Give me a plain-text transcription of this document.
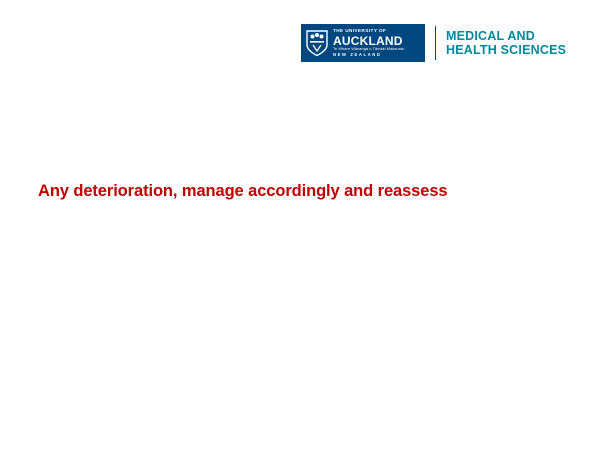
THE UNIVERSITY OF
AUCKLAND
Te Whare Wānanga o Tāmaki Makaurau
NEW ZEALAND
MEDICAL AND
HEALTH SCIENCES
Any deterioration, manage accordingly and reassess
